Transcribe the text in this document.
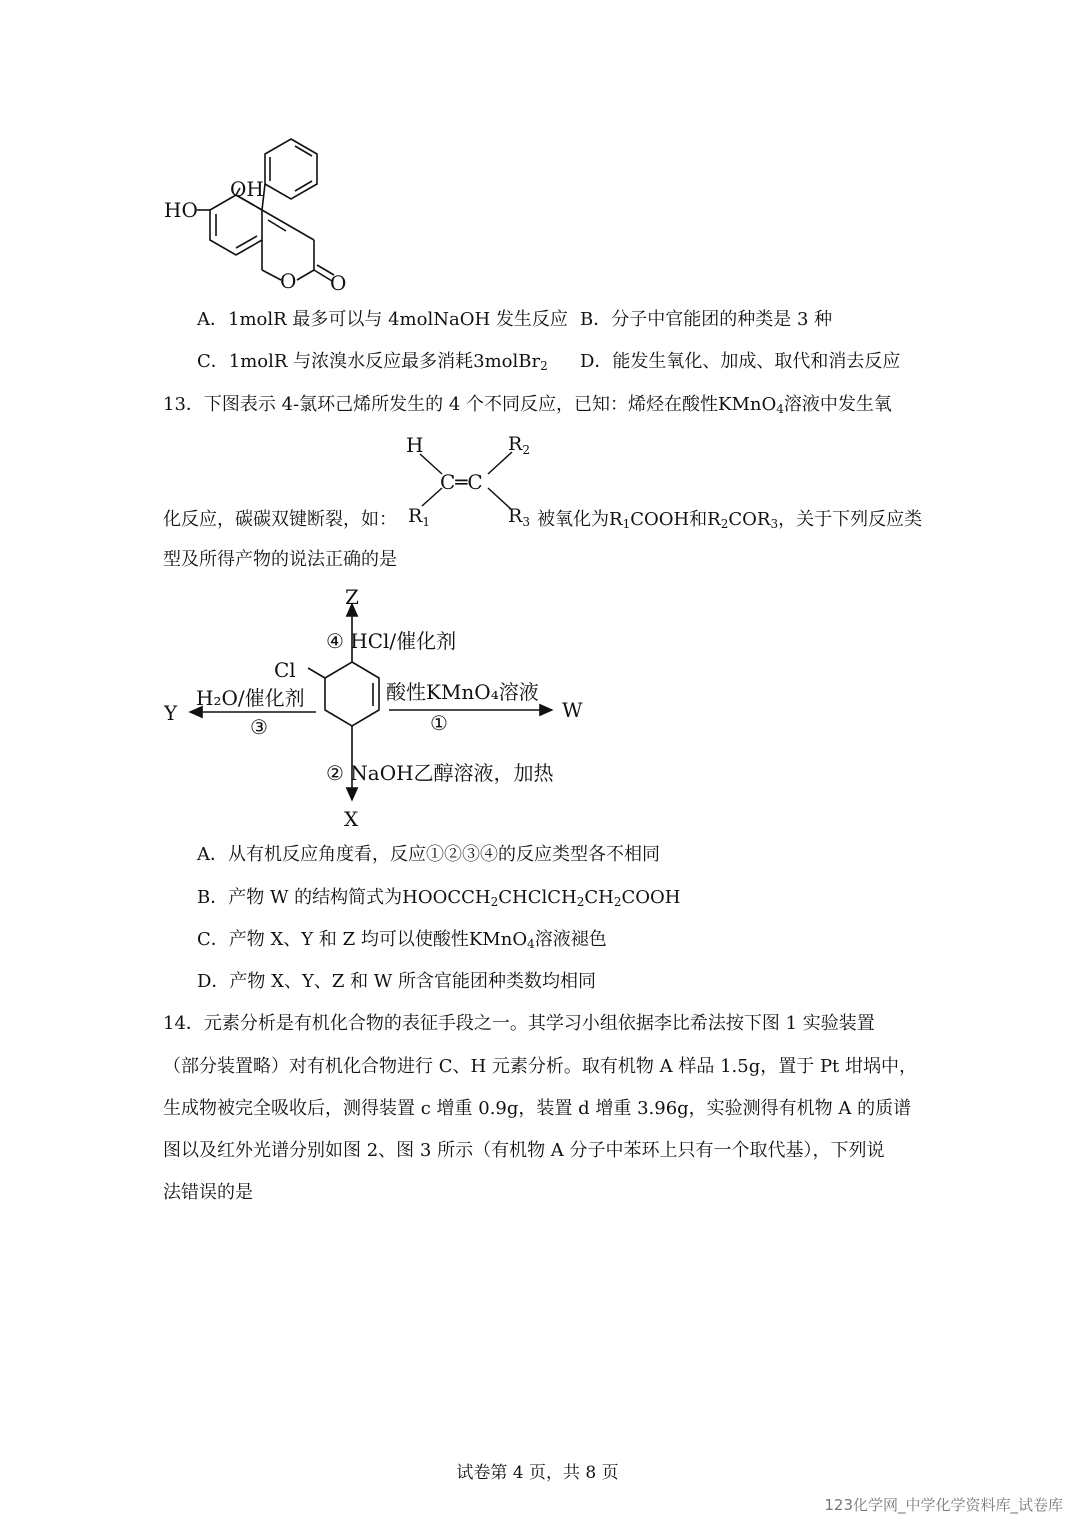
OH
HO
O O
A．1molR 最多可以与 4molNaOH 发生反应 B．分子中官能团的种类是 3 种
C．1molR 与浓溴水反应最多消耗3molBr$_2$ D．能发生氧化、加成、取代和消去反应
13．下图表示 4-氯环己烯所发生的 4 个不同反应，已知：烯烃在酸性KMnO$_4$溶液中发生氧
H
C═C
$R_2$
$R_1$	$R_3$
化反应，碳碳双键断裂，如：	被氧化为$R_1COOH$和$R_2COR_3$，关于下列反应类
型及所得产物的说法正确的是
Z
④ HCl/催化剂
Cl
酸性KMnO₄溶液
①
W
H₂O/催化剂
③
Y
② NaOH乙醇溶液，加热
X
A．从有机反应角度看，反应①②③④的反应类型各不相同
B．产物 W 的结构简式为$HOOCCH_2CHClCH_2CH_2COOH$
C．产物 X、Y 和 Z 均可以使酸性KMnO$_4$溶液褪色
D．产物 X、Y、Z 和 W 所含官能团种类数均相同
14．元素分析是有机化合物的表征手段之一。其学习小组依据李比希法按下图 1 实验装置
（部分装置略）对有机化合物进行 C、H 元素分析。取有机物 A 样品 1.5g，置于 Pt 坩埚中，
生成物被完全吸收后，测得装置 c 增重 0.9g，装置 d 增重 3.96g，实验测得有机物 A 的质谱
图以及红外光谱分别如图 2、图 3 所示（有机物 A 分子中苯环上只有一个取代基），下列说
法错误的是
试卷第 4 页，共 8 页
123化学网_中学化学资料库_试卷库
